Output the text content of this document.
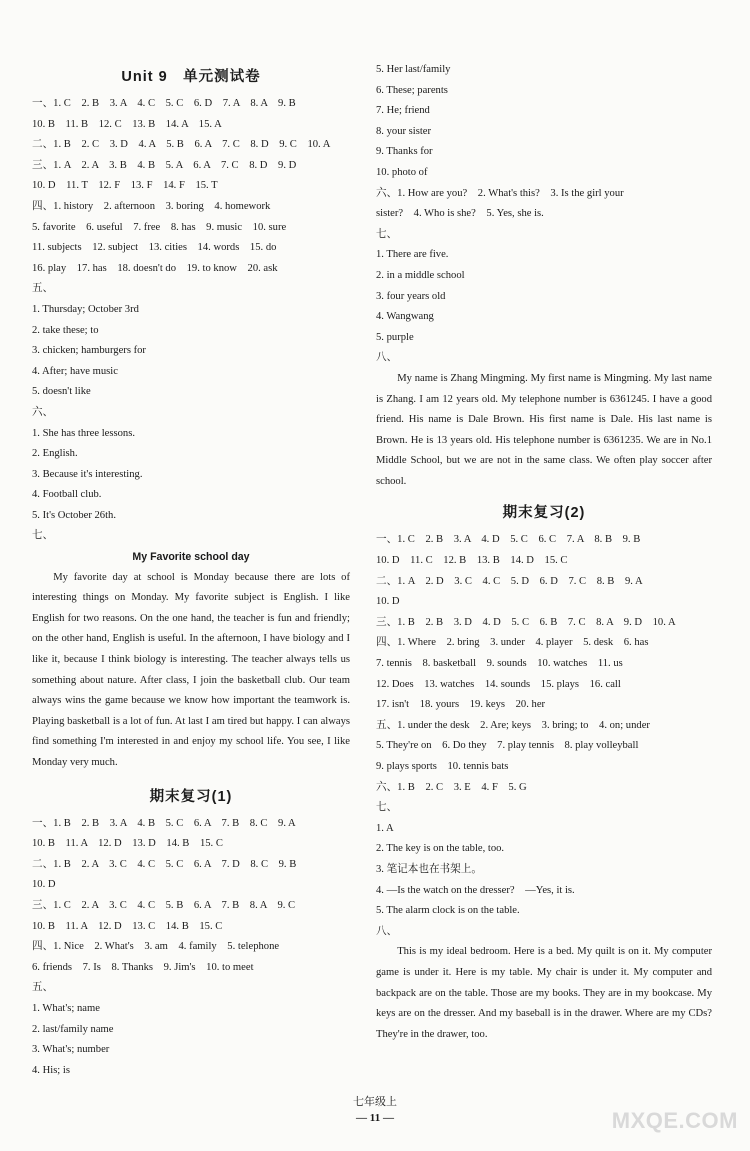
Unit 9　单元测试卷
一、1. C　2. B　3. A　4. C　5. C　6. D　7. A　8. A　9. B
10. B　11. B　12. C　13. B　14. A　15. A
二、1. B　2. C　3. D　4. A　5. B　6. A　7. C　8. D　9. C　10. A
三、1. A　2. A　3. B　4. B　5. A　6. A　7. C　8. D　9. D
10. D　11. T　12. F　13. F　14. F　15. T
四、1. history　2. afternoon　3. boring　4. homework
5. favorite　6. useful　7. free　8. has　9. music　10. sure
11. subjects　12. subject　13. cities　14. words　15. do
16. play　17. has　18. doesn't do　19. to know　20. ask
五、
1. Thursday; October 3rd
2. take these; to
3. chicken; hamburgers for
4. After; have music
5. doesn't like
六、
1. She has three lessons.
2. English.
3. Because it's interesting.
4. Football club.
5. It's October 26th.
七、
My Favorite school day
My favorite day at school is Monday because there are lots of interesting things on Monday. My favorite subject is English. I like English for two reasons. On the one hand, the teacher is fun and friendly; on the other hand, English is useful. In the afternoon, I have biology and I like it, because I think biology is interesting. The teacher always tells us something about nature. After class, I join the basketball club. Our team always wins the game because we know how important the teamwork is. Playing basketball is a lot of fun. At last I am tired but happy. I can always find something I'm interested in and enjoy my school life. You see, I like Monday very much.
期末复习(1)
一、1. B　2. B　3. A　4. B　5. C　6. A　7. B　8. C　9. A
10. B　11. A　12. D　13. D　14. B　15. C
二、1. B　2. A　3. C　4. C　5. C　6. A　7. D　8. C　9. B
10. D
三、1. C　2. A　3. C　4. C　5. B　6. A　7. B　8. A　9. C
10. B　11. A　12. D　13. C　14. B　15. C
四、1. Nice　2. What's　3. am　4. family　5. telephone
6. friends　7. Is　8. Thanks　9. Jim's　10. to meet
五、
1. What's; name
2. last/family name
3. What's; number
4. His; is
5. Her last/family
6. These; parents
7. He; friend
8. your sister
9. Thanks for
10. photo of
六、1. How are you?　2. What's this?　3. Is the girl your
sister?　4. Who is she?　5. Yes, she is.
七、
1. There are five.
2. in a middle school
3. four years old
4. Wangwang
5. purple
八、
My name is Zhang Mingming. My first name is Mingming. My last name is Zhang. I am 12 years old. My telephone number is 6361245. I have a good friend. His name is Dale Brown. His first name is Dale. His last name is Brown. He is 13 years old. His telephone number is 6361235. We are in No.1 Middle School, but we are not in the same class. We often play soccer after school.
期末复习(2)
一、1. C　2. B　3. A　4. D　5. C　6. C　7. A　8. B　9. B
10. D　11. C　12. B　13. B　14. D　15. C
二、1. A　2. D　3. C　4. C　5. D　6. D　7. C　8. B　9. A
10. D
三、1. B　2. B　3. D　4. D　5. C　6. B　7. C　8. A　9. D　10. A
四、1. Where　2. bring　3. under　4. player　5. desk　6. has
7. tennis　8. basketball　9. sounds　10. watches　11. us
12. Does　13. watches　14. sounds　15. plays　16. call
17. isn't　18. yours　19. keys　20. her
五、1. under the desk　2. Are; keys　3. bring; to　4. on; under
5. They're on　6. Do they　7. play tennis　8. play volleyball
9. plays sports　10. tennis bats
六、1. B　2. C　3. E　4. F　5. G
七、
1. A
2. The key is on the table, too.
3. 笔记本也在书架上。
4. —Is the watch on the dresser?　—Yes, it is.
5. The alarm clock is on the table.
八、
This is my ideal bedroom. Here is a bed. My quilt is on it. My computer game is under it. Here is my table. My chair is under it. My computer and backpack are on the table. Those are my books. They are in my bookcase. My keys are on the dresser. And my baseball is in the drawer. Where are my CDs? They're in the drawer, too.
七年级上
— 11 —	MXQE.COM
